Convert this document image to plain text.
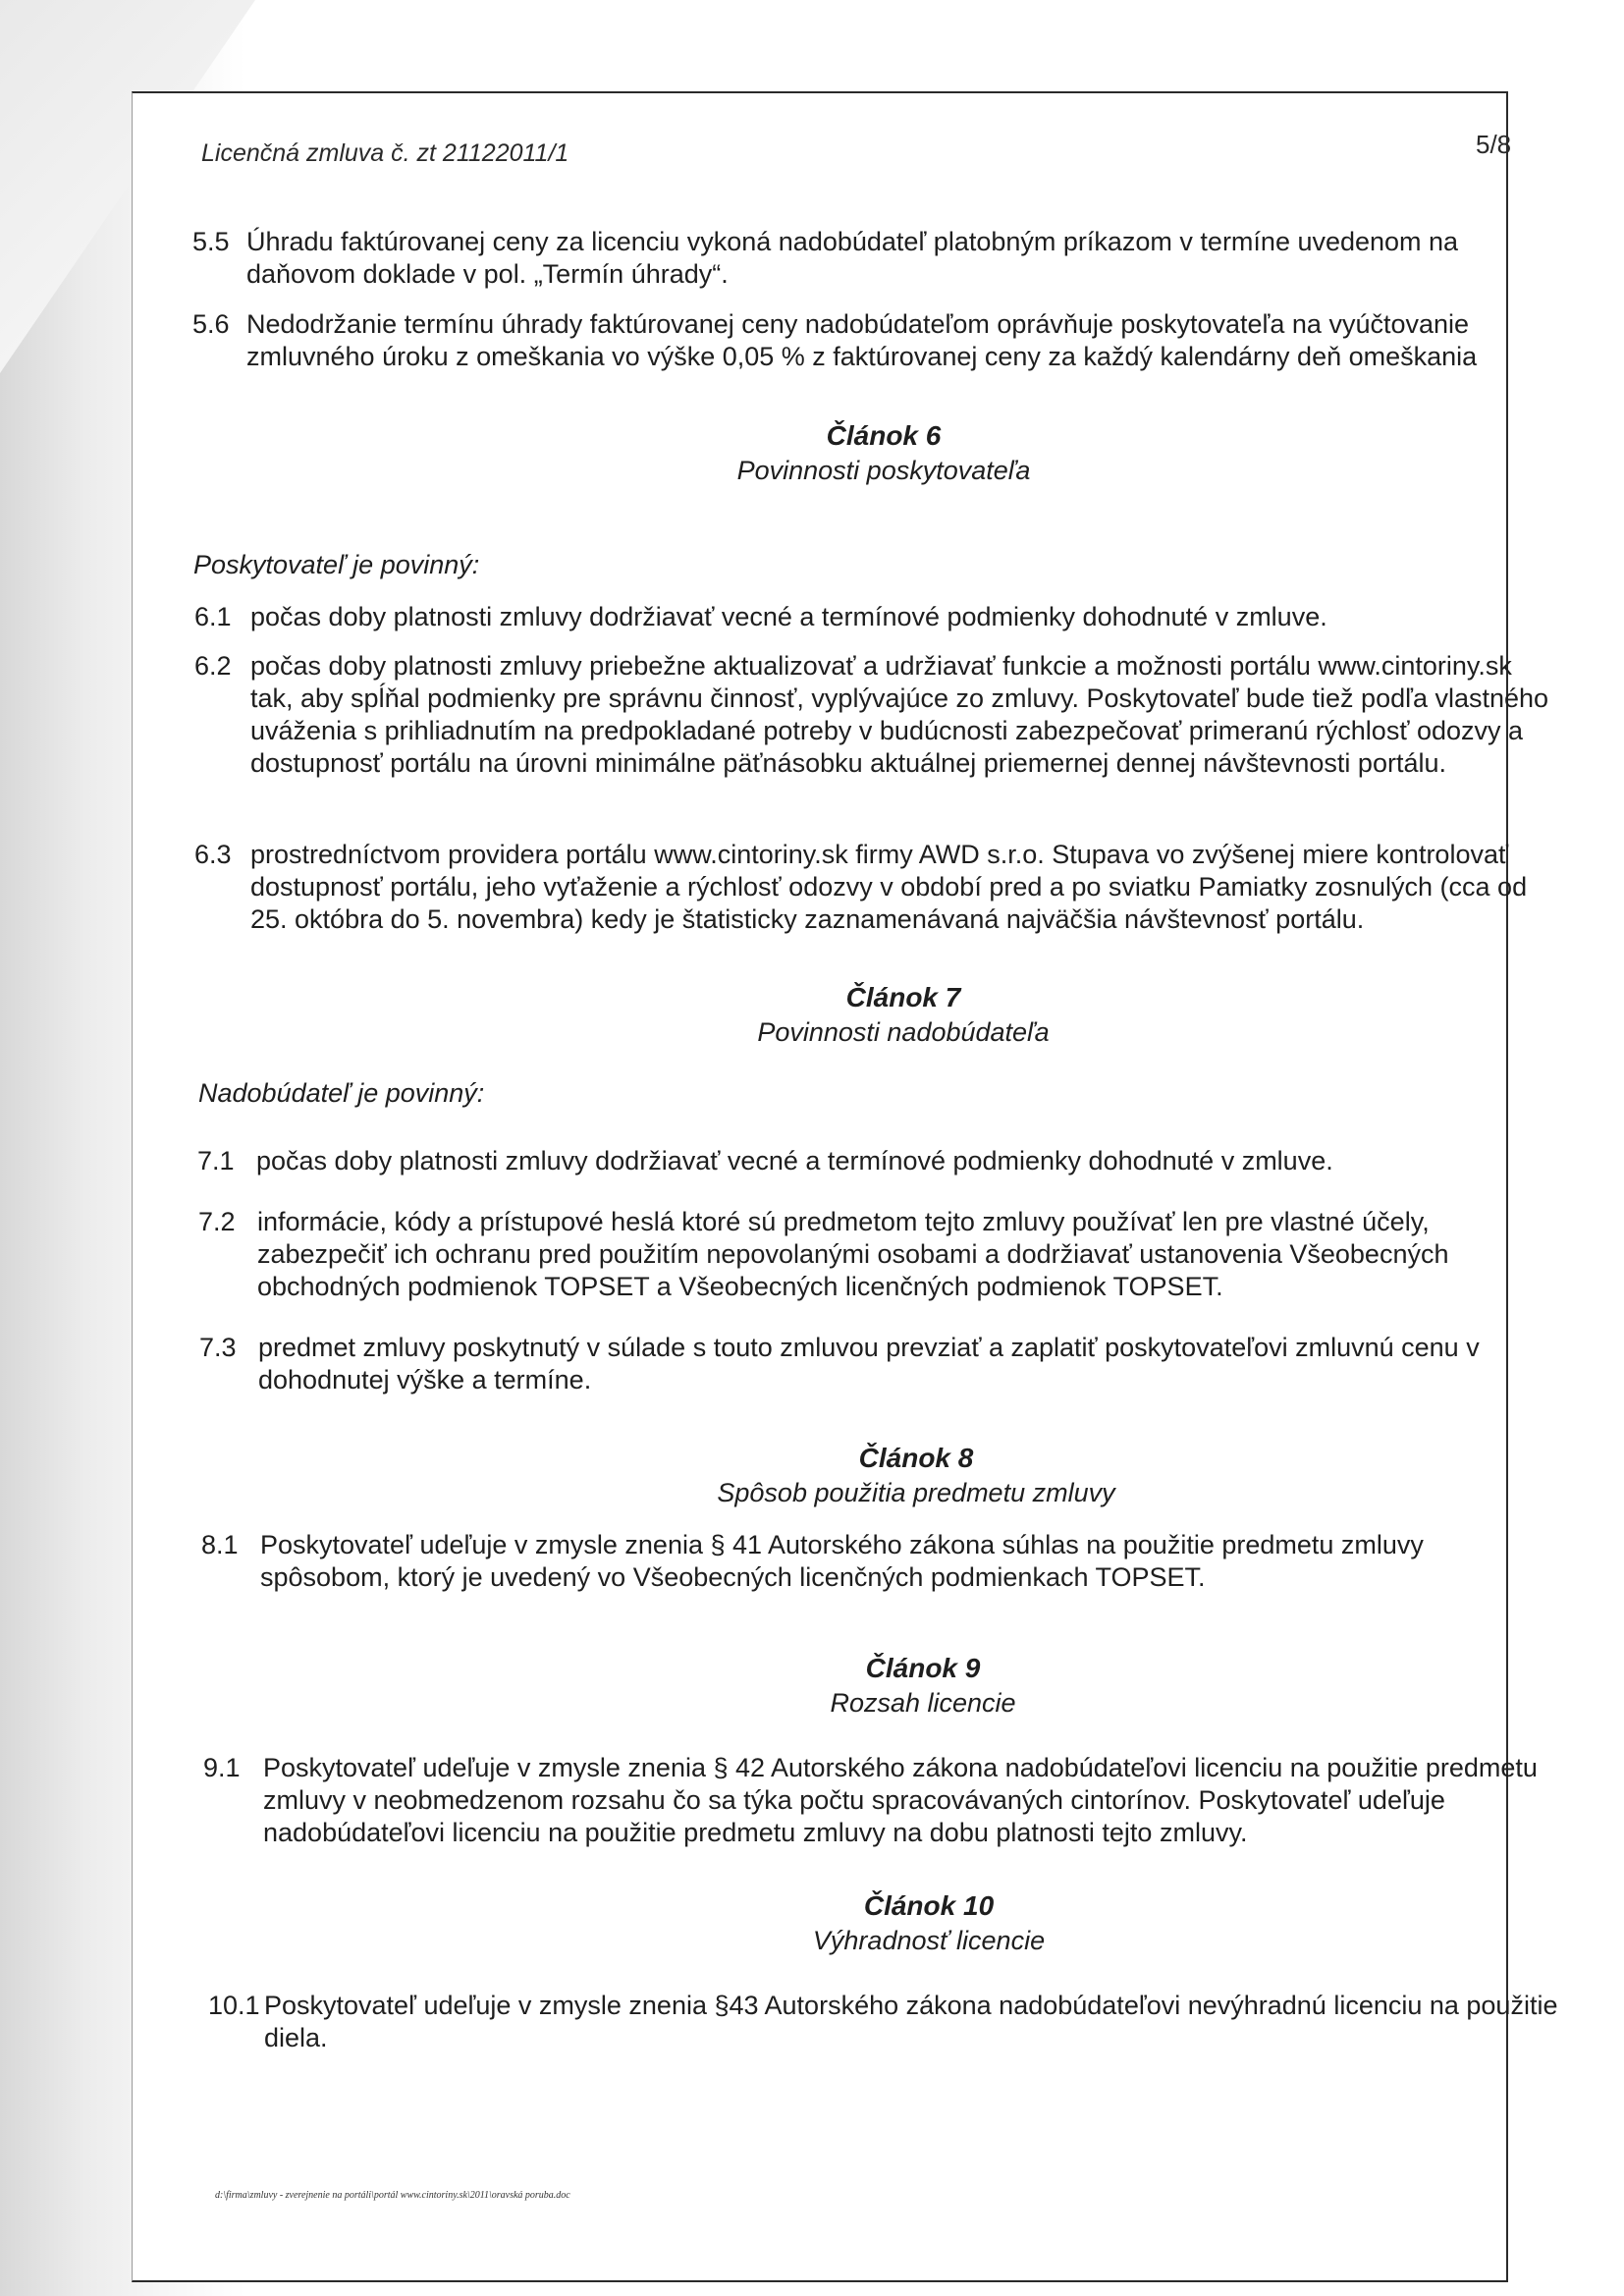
Licenčná zmluva č. zt 21122011/1	5/8
5.5 Úhradu faktúrovanej ceny za licenciu vykoná nadobúdateľ platobným príkazom v termíne uvedenom na daňovom doklade v pol. „Termín úhrady“.
5.6 Nedodržanie termínu úhrady faktúrovanej ceny nadobúdateľom oprávňuje poskytovateľa na vyúčtovanie zmluvného úroku z omeškania vo výške 0,05 % z faktúrovanej ceny za každý kalendárny deň omeškania
Článok 6
Povinnosti poskytovateľa
Poskytovateľ je povinný:
6.1 počas doby platnosti zmluvy dodržiavať vecné a termínové podmienky dohodnuté v zmluve.
6.2 počas doby platnosti zmluvy priebežne aktualizovať a udržiavať funkcie a možnosti portálu www.cintoriny.sk tak, aby spĺňal podmienky pre správnu činnosť, vyplývajúce zo zmluvy. Poskytovateľ bude tiež podľa vlastného uváženia s prihliadnutím na predpokladané potreby v budúcnosti zabezpečovať primeranú rýchlosť odozvy a dostupnosť portálu na úrovni minimálne päťnásobku aktuálnej priemernej dennej návštevnosti portálu.
6.3 prostredníctvom providera portálu www.cintoriny.sk firmy AWD s.r.o. Stupava vo zvýšenej miere kontrolovať dostupnosť portálu, jeho vyťaženie a rýchlosť odozvy v období pred a po sviatku Pamiatky zosnulých (cca od 25. októbra do 5. novembra) kedy je štatisticky zaznamenávaná najväčšia návštevnosť portálu.
Článok 7
Povinnosti nadobúdateľa
Nadobúdateľ je povinný:
7.1 počas doby platnosti zmluvy dodržiavať vecné a termínové podmienky dohodnuté v zmluve.
7.2 informácie, kódy a prístupové heslá ktoré sú predmetom tejto zmluvy používať len pre vlastné účely, zabezpečiť ich ochranu pred použitím nepovolanými osobami a dodržiavať ustanovenia Všeobecných obchodných podmienok TOPSET a Všeobecných licenčných podmienok TOPSET.
7.3 predmet zmluvy poskytnutý v súlade s touto zmluvou prevziať a zaplatiť poskytovateľovi zmluvnú cenu v dohodnutej výške a termíne.
Článok 8
Spôsob použitia predmetu zmluvy
8.1 Poskytovateľ udeľuje v zmysle znenia § 41 Autorského zákona súhlas na použitie predmetu zmluvy spôsobom, ktorý je uvedený vo Všeobecných licenčných podmienkach TOPSET.
Článok 9
Rozsah licencie
9.1 Poskytovateľ udeľuje v zmysle znenia § 42 Autorského zákona nadobúdateľovi licenciu na použitie predmetu zmluvy v neobmedzenom rozsahu čo sa týka počtu spracovávaných cintorínov. Poskytovateľ udeľuje nadobúdateľovi licenciu na použitie predmetu zmluvy na dobu platnosti tejto zmluvy.
Článok 10
Výhradnosť licencie
10.1 Poskytovateľ udeľuje v zmysle znenia §43 Autorského zákona nadobúdateľovi nevýhradnú licenciu na použitie diela.
d:\firma\zmluvy - zverejnenie na portáli\portál www.cintoriny.sk\2011\oravská poruba.doc
